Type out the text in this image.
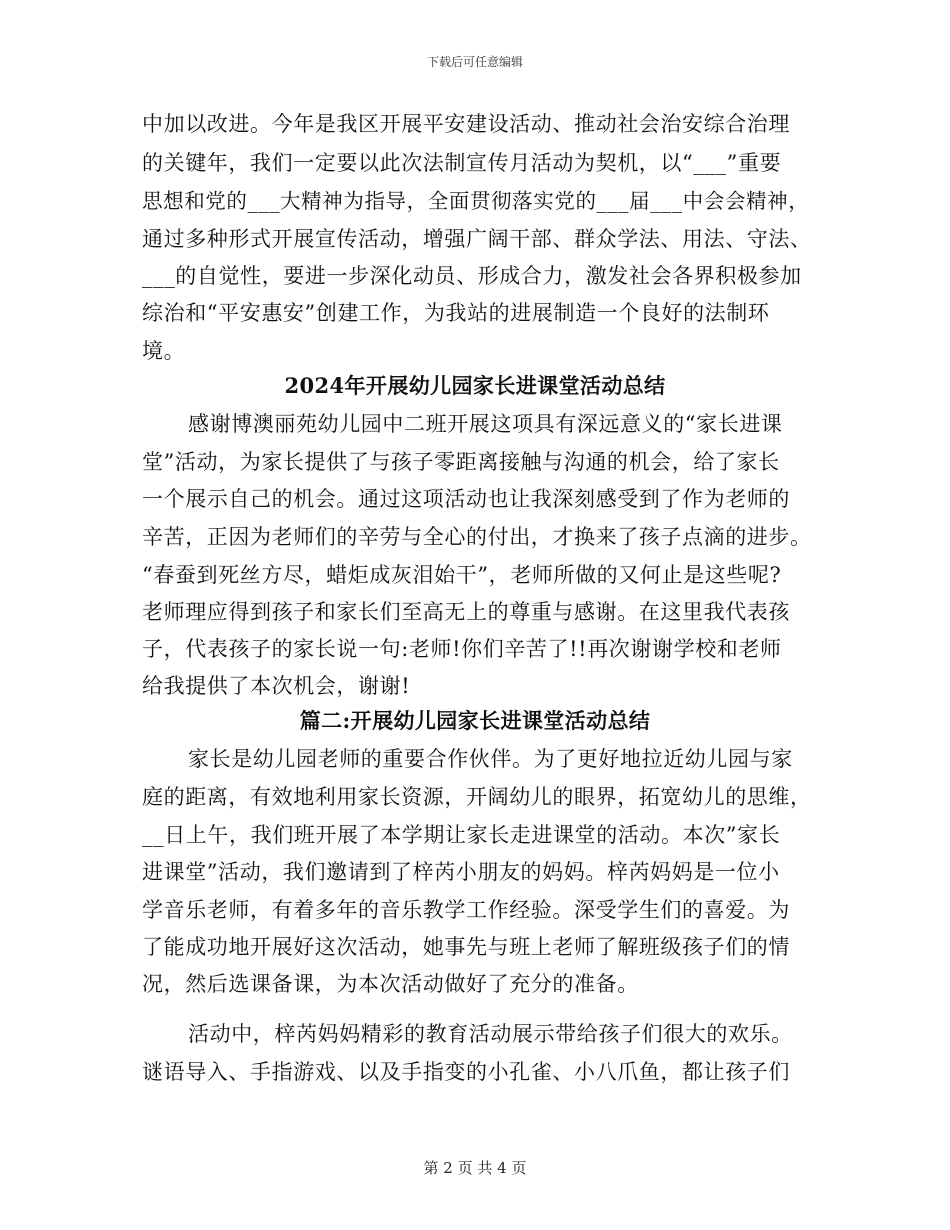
下载后可任意编辑
中加以改进。今年是我区开展平安建设活动、推动社会治安综合治理
的关键年，我们一定要以此次法制宣传月活动为契机，以“___”重要
思想和党的___大精神为指导，全面贯彻落实党的___届___中会会精神，
通过多种形式开展宣传活动，增强广阔干部、群众学法、用法、守法、
___的自觉性，要进一步深化动员、形成合力，激发社会各界积极参加
综治和“平安惠安”创建工作，为我站的进展制造一个良好的法制环
境。
2024年开展幼儿园家长进课堂活动总结
感谢博澳丽苑幼儿园中二班开展这项具有深远意义的“家长进课
堂”活动，为家长提供了与孩子零距离接触与沟通的机会，给了家长
一个展示自己的机会。通过这项活动也让我深刻感受到了作为老师的
辛苦，正因为老师们的辛劳与全心的付出，才换来了孩子点滴的进步。
“春蚕到死丝方尽，蜡炬成灰泪始干”，老师所做的又何止是这些呢?
老师理应得到孩子和家长们至高无上的尊重与感谢。在这里我代表孩
子，代表孩子的家长说一句:老师!你们辛苦了!!再次谢谢学校和老师
给我提供了本次机会，谢谢!
篇二:开展幼儿园家长进课堂活动总结
家长是幼儿园老师的重要合作伙伴。为了更好地拉近幼儿园与家
庭的距离，有效地利用家长资源，开阔幼儿的眼界，拓宽幼儿的思维，
__日上午，我们班开展了本学期让家长走进课堂的活动。本次”家长
进课堂”活动，我们邀请到了梓芮小朋友的妈妈。梓芮妈妈是一位小
学音乐老师，有着多年的音乐教学工作经验。深受学生们的喜爱。为
了能成功地开展好这次活动，她事先与班上老师了解班级孩子们的情
况，然后选课备课，为本次活动做好了充分的准备。
活动中，梓芮妈妈精彩的教育活动展示带给孩子们很大的欢乐。
谜语导入、手指游戏、以及手指变的小孔雀、小八爪鱼，都让孩子们
第 2 页 共 4 页
